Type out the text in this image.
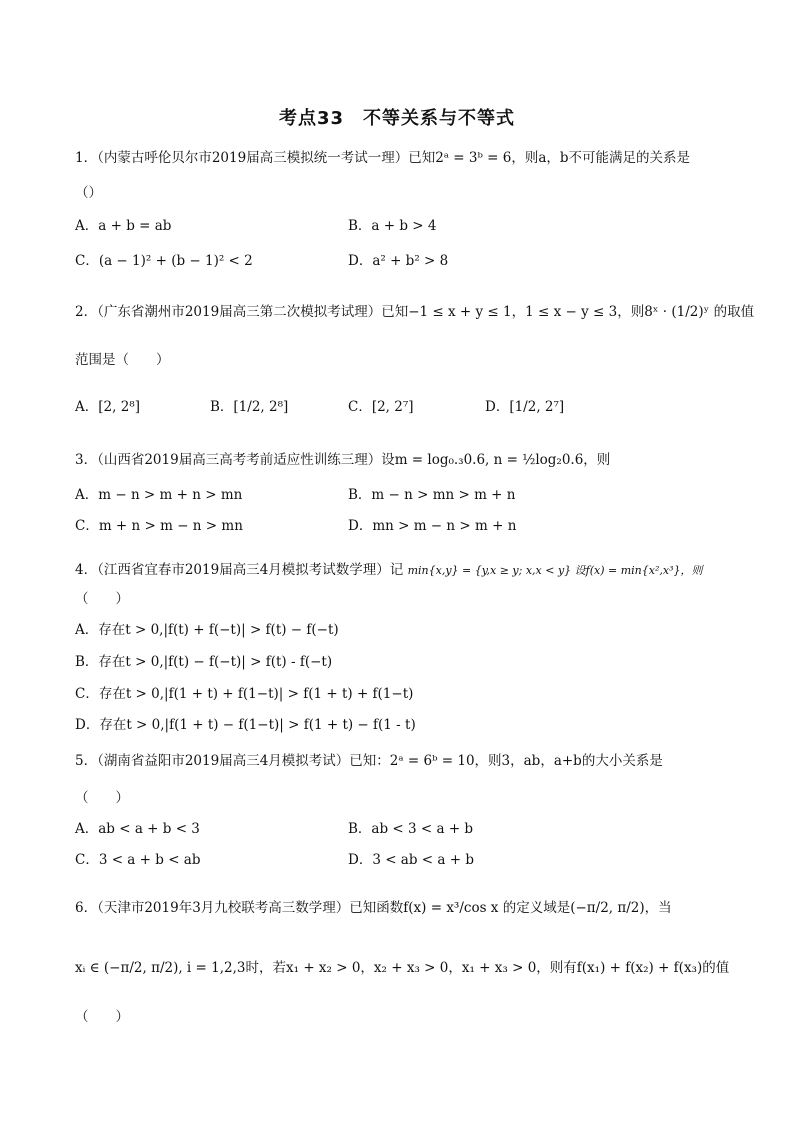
考点33　不等关系与不等式
1．（内蒙古呼伦贝尔市2019届高三模拟统一考试一理）已知2ᵃ = 3ᵇ = 6，则a，b不可能满足的关系是
（）
A．a + b = ab	B．a + b > 4
C．(a − 1)² + (b − 1)² < 2	D．a² + b² > 8
2．（广东省潮州市2019届高三第二次模拟考试理）已知−1 ≤ x + y ≤ 1，1 ≤ x − y ≤ 3，则8ˣ · (1/2)ʸ 的取值
范围是（　　）
A．[2, 2⁸]	B．[1/2, 2⁸]	C．[2, 2⁷]	D．[1/2, 2⁷]
3．（山西省2019届高三高考考前适应性训练三理）设m = log₀.₃0.6, n = ½log₂0.6，则
A．m − n > m + n > mn	B．m − n > mn > m + n
C．m + n > m − n > mn	D．mn > m − n > m + n
4．（江西省宜春市2019届高三4月模拟考试数学理）记 min{x,y} = {y,x ≥ y; x,x < y} 设f(x) = min{x²,x³}，则
（　　）
A．存在t > 0,|f(t) + f(−t)| > f(t) − f(−t)
B．存在t > 0,|f(t) − f(−t)| > f(t) - f(−t)
C．存在t > 0,|f(1 + t) + f(1−t)| > f(1 + t) + f(1−t)
D．存在t > 0,|f(1 + t) − f(1−t)| > f(1 + t) − f(1 - t)
5．（湖南省益阳市2019届高三4月模拟考试）已知：2ᵃ = 6ᵇ = 10，则3，ab，a+b的大小关系是
（　　）
A．ab < a + b < 3	B．ab < 3 < a + b
C．3 < a + b < ab	D．3 < ab < a + b
6．（天津市2019年3月九校联考高三数学理）已知函数f(x) = x³/cos x 的定义域是(−π/2, π/2)，当
xᵢ ∈ (−π/2, π/2), i = 1,2,3时，若x₁ + x₂ > 0，x₂ + x₃ > 0，x₁ + x₃ > 0，则有f(x₁) + f(x₂) + f(x₃)的值
（　　）
